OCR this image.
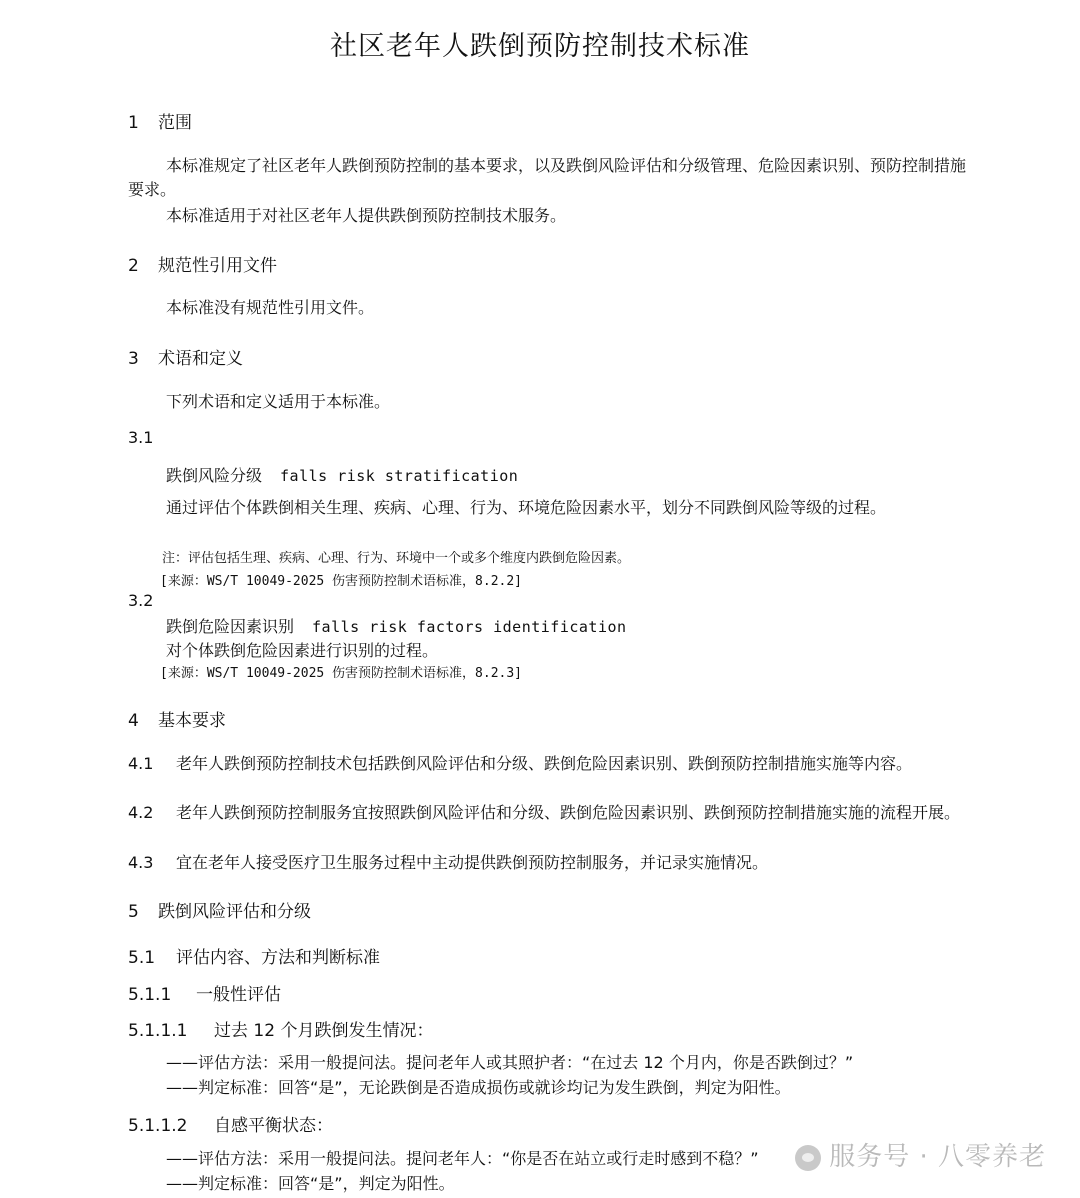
社区老年人跌倒预防控制技术标准
1 范围
本标准规定了社区老年人跌倒预防控制的基本要求，以及跌倒风险评估和分级管理、危险因素识别、预防控制措施要求。
本标准适用于对社区老年人提供跌倒预防控制技术服务。
2 规范性引用文件
本标准没有规范性引用文件。
3 术语和定义
下列术语和定义适用于本标准。
3.1
跌倒风险分级 falls risk stratification
通过评估个体跌倒相关生理、疾病、心理、行为、环境危险因素水平，划分不同跌倒风险等级的过程。
注：评估包括生理、疾病、心理、行为、环境中一个或多个维度内跌倒危险因素。
[来源：WS/T 10049-2025 伤害预防控制术语标准，8.2.2]
3.2
跌倒危险因素识别 falls risk factors identification
对个体跌倒危险因素进行识别的过程。
[来源：WS/T 10049-2025 伤害预防控制术语标准，8.2.3]
4 基本要求
4.1 老年人跌倒预防控制技术包括跌倒风险评估和分级、跌倒危险因素识别、跌倒预防控制措施实施等内容。
4.2 老年人跌倒预防控制服务宜按照跌倒风险评估和分级、跌倒危险因素识别、跌倒预防控制措施实施的流程开展。
4.3 宜在老年人接受医疗卫生服务过程中主动提供跌倒预防控制服务，并记录实施情况。
5 跌倒风险评估和分级
5.1 评估内容、方法和判断标准
5.1.1 一般性评估
5.1.1.1 过去 12 个月跌倒发生情况：
——评估方法：采用一般提问法。提问老年人或其照护者：“在过去 12 个月内，你是否跌倒过？”
——判定标准：回答“是”，无论跌倒是否造成损伤或就诊均记为发生跌倒，判定为阳性。
5.1.1.2 自感平衡状态：
——评估方法：采用一般提问法。提问老年人：“你是否在站立或行走时感到不稳？”
——判定标准：回答“是”，判定为阳性。
服务号 · 八零养老
